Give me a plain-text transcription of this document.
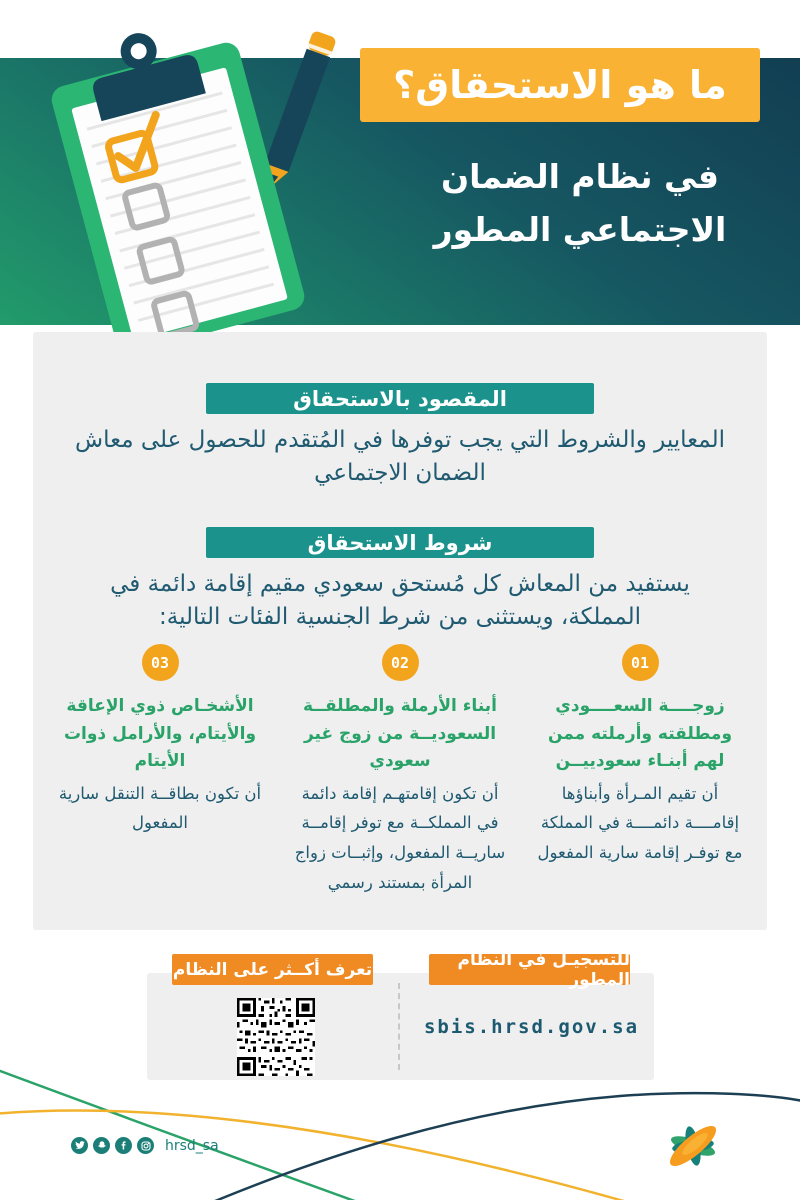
ما هو الاستحقاق؟
في نظام الضمان الاجتماعي المطور
المقصود بالاستحقاق
المعايير والشروط التي يجب توفرها في المُتقدم للحصول على معاش الضمان الاجتماعي
شروط الاستحقاق
يستفيد من المعاش كل مُستحق سعودي مقيم إقامة دائمة في المملكة، ويستثنى من شرط الجنسية الفئات التالية:
01
زوجــــة السعــــودي ومطلقته وأرملته ممن لهم أبنـاء سعودييــن
أن تقيم المـرأة وأبناؤها إقامــــة دائمــــة في المملكة مع توفـر إقامة سارية المفعول
02
أبناء الأرملة والمطلقــة السعوديــة من زوج غير سعودي
أن تكون إقامتهـم إقامة دائمة في المملكــة مع توفر إقامــة ساريــة المفعول، وإثبــات زواج المرأة بمستند رسمي
03
الأشخـاص ذوي الإعاقة والأيتام، والأرامل ذوات الأيتام
أن تكون بطاقــة التنقل سارية المفعول
تعرف أكــثر على النظام	للتسجيـل في النظام المطور
sbis.hrsd.gov.sa
hrsd_sa
